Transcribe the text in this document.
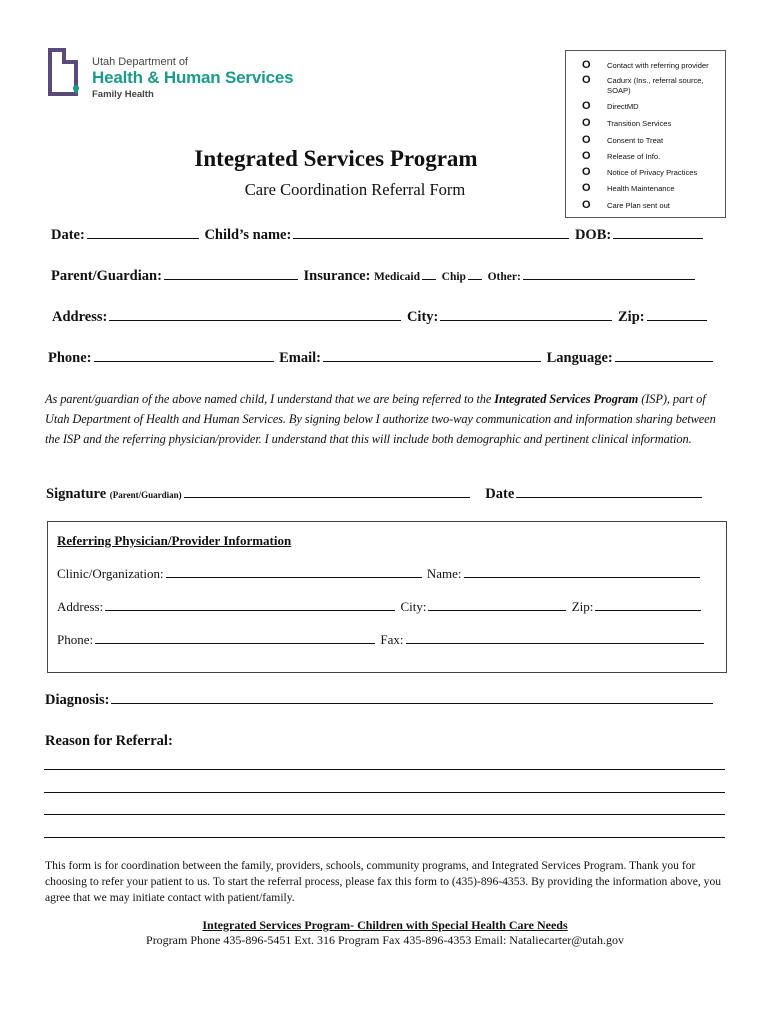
Utah Department of
Health & Human Services
Family Health
O Contact with referring provider
O Cadurx (Ins., referral source, SOAP)
O DirectMD
O Transition Services
O Consent to Treat
O Release of Info.
O Notice of Privacy Practices
O Health Maintenance
O Care Plan sent out
Integrated Services Program
Care Coordination Referral Form
Date:	Child’s name:	DOB:
Parent/Guardian:	Insurance: Medicaid Chip Other:
Address:	City:	Zip:
Phone:	Email:	Language:
As parent/guardian of the above named child, I understand that we are being referred to the Integrated Services Program (ISP), part of Utah Department of Health and Human Services. By signing below I authorize two-way communication and information sharing between the ISP and the referring physician/provider. I understand that this will include both demographic and pertinent clinical information.
Signature (Parent/Guardian)	Date
Referring Physician/Provider Information
Clinic/Organization:	Name:
Address:	City:	Zip:
Phone:	Fax:
Diagnosis:
Reason for Referral:
This form is for coordination between the family, providers, schools, community programs, and Integrated Services Program. Thank you for choosing to refer your patient to us. To start the referral process, please fax this form to (435)-896-4353. By providing the information above, you agree that we may initiate contact with patient/family.
Integrated Services Program- Children with Special Health Care Needs
Program Phone 435-896-5451 Ext. 316 Program Fax 435-896-4353 Email: Nataliecarter@utah.gov
